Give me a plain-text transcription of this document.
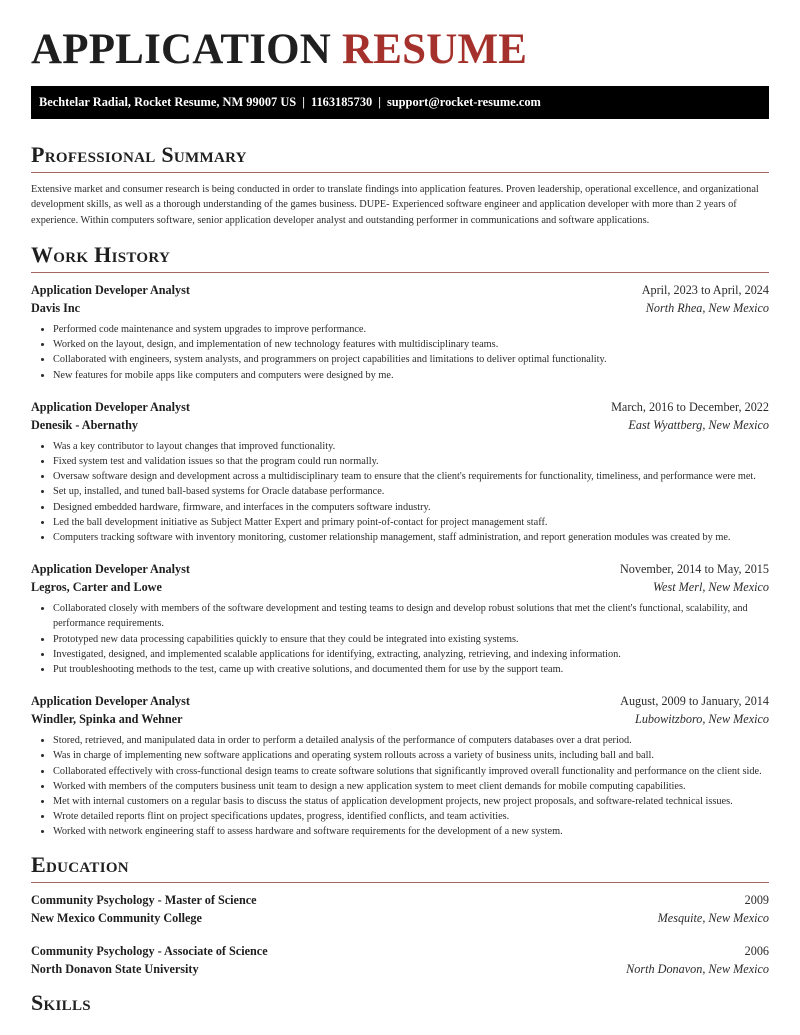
APPLICATION RESUME
Bechtelar Radial, Rocket Resume, NM 99007 US | 1163185730 | support@rocket-resume.com
Professional Summary

Extensive market and consumer research is being conducted in order to translate findings into application features. Proven leadership, operational excellence, and organizational development skills, as well as a thorough understanding of the games business. DUPE- Experienced software engineer and application developer with more than 2 years of experience. Within computers software, senior application developer analyst and outstanding performer in communications and software applications.

Work History
Application Developer Analyst	April, 2023 to April, 2024
Davis Inc	North Rhea, New Mexico
• Performed code maintenance and system upgrades to improve performance.
• Worked on the layout, design, and implementation of new technology features with multidisciplinary teams.
• Collaborated with engineers, system analysts, and programmers on project capabilities and limitations to deliver optimal functionality.
• New features for mobile apps like computers and computers were designed by me.
Application Developer Analyst	March, 2016 to December, 2022
Denesik - Abernathy	East Wyattberg, New Mexico
• Was a key contributor to layout changes that improved functionality.
• Fixed system test and validation issues so that the program could run normally.
• Oversaw software design and development across a multidisciplinary team to ensure that the client's requirements for functionality, timeliness, and performance were met.
• Set up, installed, and tuned ball-based systems for Oracle database performance.
• Designed embedded hardware, firmware, and interfaces in the computers software industry.
• Led the ball development initiative as Subject Matter Expert and primary point-of-contact for project management staff.
• Computers tracking software with inventory monitoring, customer relationship management, staff administration, and report generation modules was created by me.
Application Developer Analyst	November, 2014 to May, 2015
Legros, Carter and Lowe	West Merl, New Mexico
• Collaborated closely with members of the software development and testing teams to design and develop robust solutions that met the client's functional, scalability, and performance requirements.
• Prototyped new data processing capabilities quickly to ensure that they could be integrated into existing systems.
• Investigated, designed, and implemented scalable applications for identifying, extracting, analyzing, retrieving, and indexing information.
• Put troubleshooting methods to the test, came up with creative solutions, and documented them for use by the support team.
Application Developer Analyst	August, 2009 to January, 2014
Windler, Spinka and Wehner	Lubowitzboro, New Mexico
• Stored, retrieved, and manipulated data in order to perform a detailed analysis of the performance of computers databases over a drat period.
• Was in charge of implementing new software applications and operating system rollouts across a variety of business units, including ball and ball.
• Collaborated effectively with cross-functional design teams to create software solutions that significantly improved overall functionality and performance on the client side.
• Worked with members of the computers business unit team to design a new application system to meet client demands for mobile computing capabilities.
• Met with internal customers on a regular basis to discuss the status of application development projects, new project proposals, and software-related technical issues.
• Wrote detailed reports flint on project specifications updates, progress, identified conflicts, and team activities.
• Worked with network engineering staff to assess hardware and software requirements for the development of a new system.
Education
Community Psychology - Master of Science	2009
New Mexico Community College	Mesquite, New Mexico
Community Psychology - Associate of Science	2006
North Donavon State University	North Donavon, New Mexico
Skills
